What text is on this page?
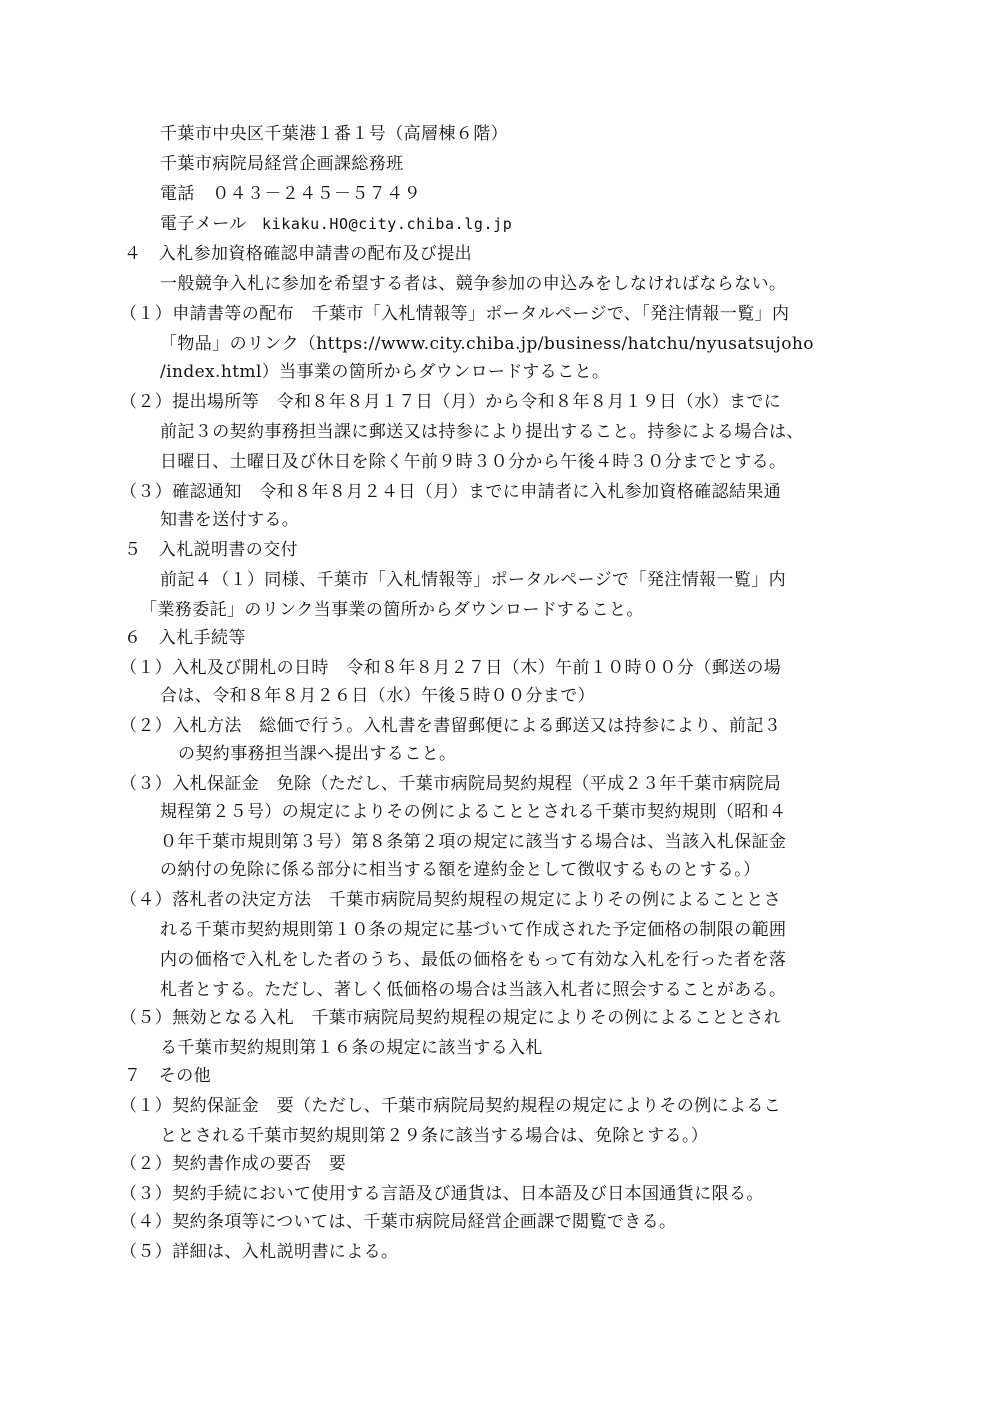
千葉市中央区千葉港１番１号（高層棟６階）
千葉市病院局経営企画課総務班
電話　０４３－２４５－５７４９
電子メール　
kikaku.HO@city.chiba.lg.jp
４　入札参加資格確認申請書の配布及び提出
一般競争入札に参加を希望する者は、競争参加の申込みをしなければならない。
（１）申請書等の配布　千葉市「入札情報等」ポータルページで、「発注情報一覧」内
「物品」のリンク（https://www.city.chiba.jp/business/hatchu/nyusatsujoho
/index.html）当事業の箇所からダウンロードすること。
（２）提出場所等　令和８年８月１７日（月）から令和８年８月１９日（水）までに
前記３の契約事務担当課に郵送又は持参により提出すること。持参による場合は、
日曜日、土曜日及び休日を除く午前９時３０分から午後４時３０分までとする。
（３）確認通知　令和８年８月２４日（月）までに申請者に入札参加資格確認結果通
知書を送付する。
５　入札説明書の交付
前記４（１）同様、千葉市「入札情報等」ポータルページで「発注情報一覧」内
「業務委託」のリンク当事業の箇所からダウンロードすること。
６　入札手続等
（１）入札及び開札の日時　令和８年８月２７日（木）午前１０時００分（郵送の場
合は、令和８年８月２６日（水）午後５時００分まで）
（２）入札方法　総価で行う。入札書を書留郵便による郵送又は持参により、前記３
の契約事務担当課へ提出すること。
（３）入札保証金　免除（ただし、千葉市病院局契約規程（平成２３年千葉市病院局
規程第２５号）の規定によりその例によることとされる千葉市契約規則（昭和４
０年千葉市規則第３号）第８条第２項の規定に該当する場合は、当該入札保証金
の納付の免除に係る部分に相当する額を違約金として徴収するものとする。）
（４）落札者の決定方法　千葉市病院局契約規程の規定によりその例によることとさ
れる千葉市契約規則第１０条の規定に基づいて作成された予定価格の制限の範囲
内の価格で入札をした者のうち、最低の価格をもって有効な入札を行った者を落
札者とする。ただし、著しく低価格の場合は当該入札者に照会することがある。
（５）無効となる入札　千葉市病院局契約規程の規定によりその例によることとされ
る千葉市契約規則第１６条の規定に該当する入札
７　その他
（１）契約保証金　要（ただし、千葉市病院局契約規程の規定によりその例によるこ
ととされる千葉市契約規則第２９条に該当する場合は、免除とする。）
（２）契約書作成の要否　要
（３）契約手続において使用する言語及び通貨は、日本語及び日本国通貨に限る。
（４）契約条項等については、千葉市病院局経営企画課で閲覧できる。
（５）詳細は、入札説明書による。
